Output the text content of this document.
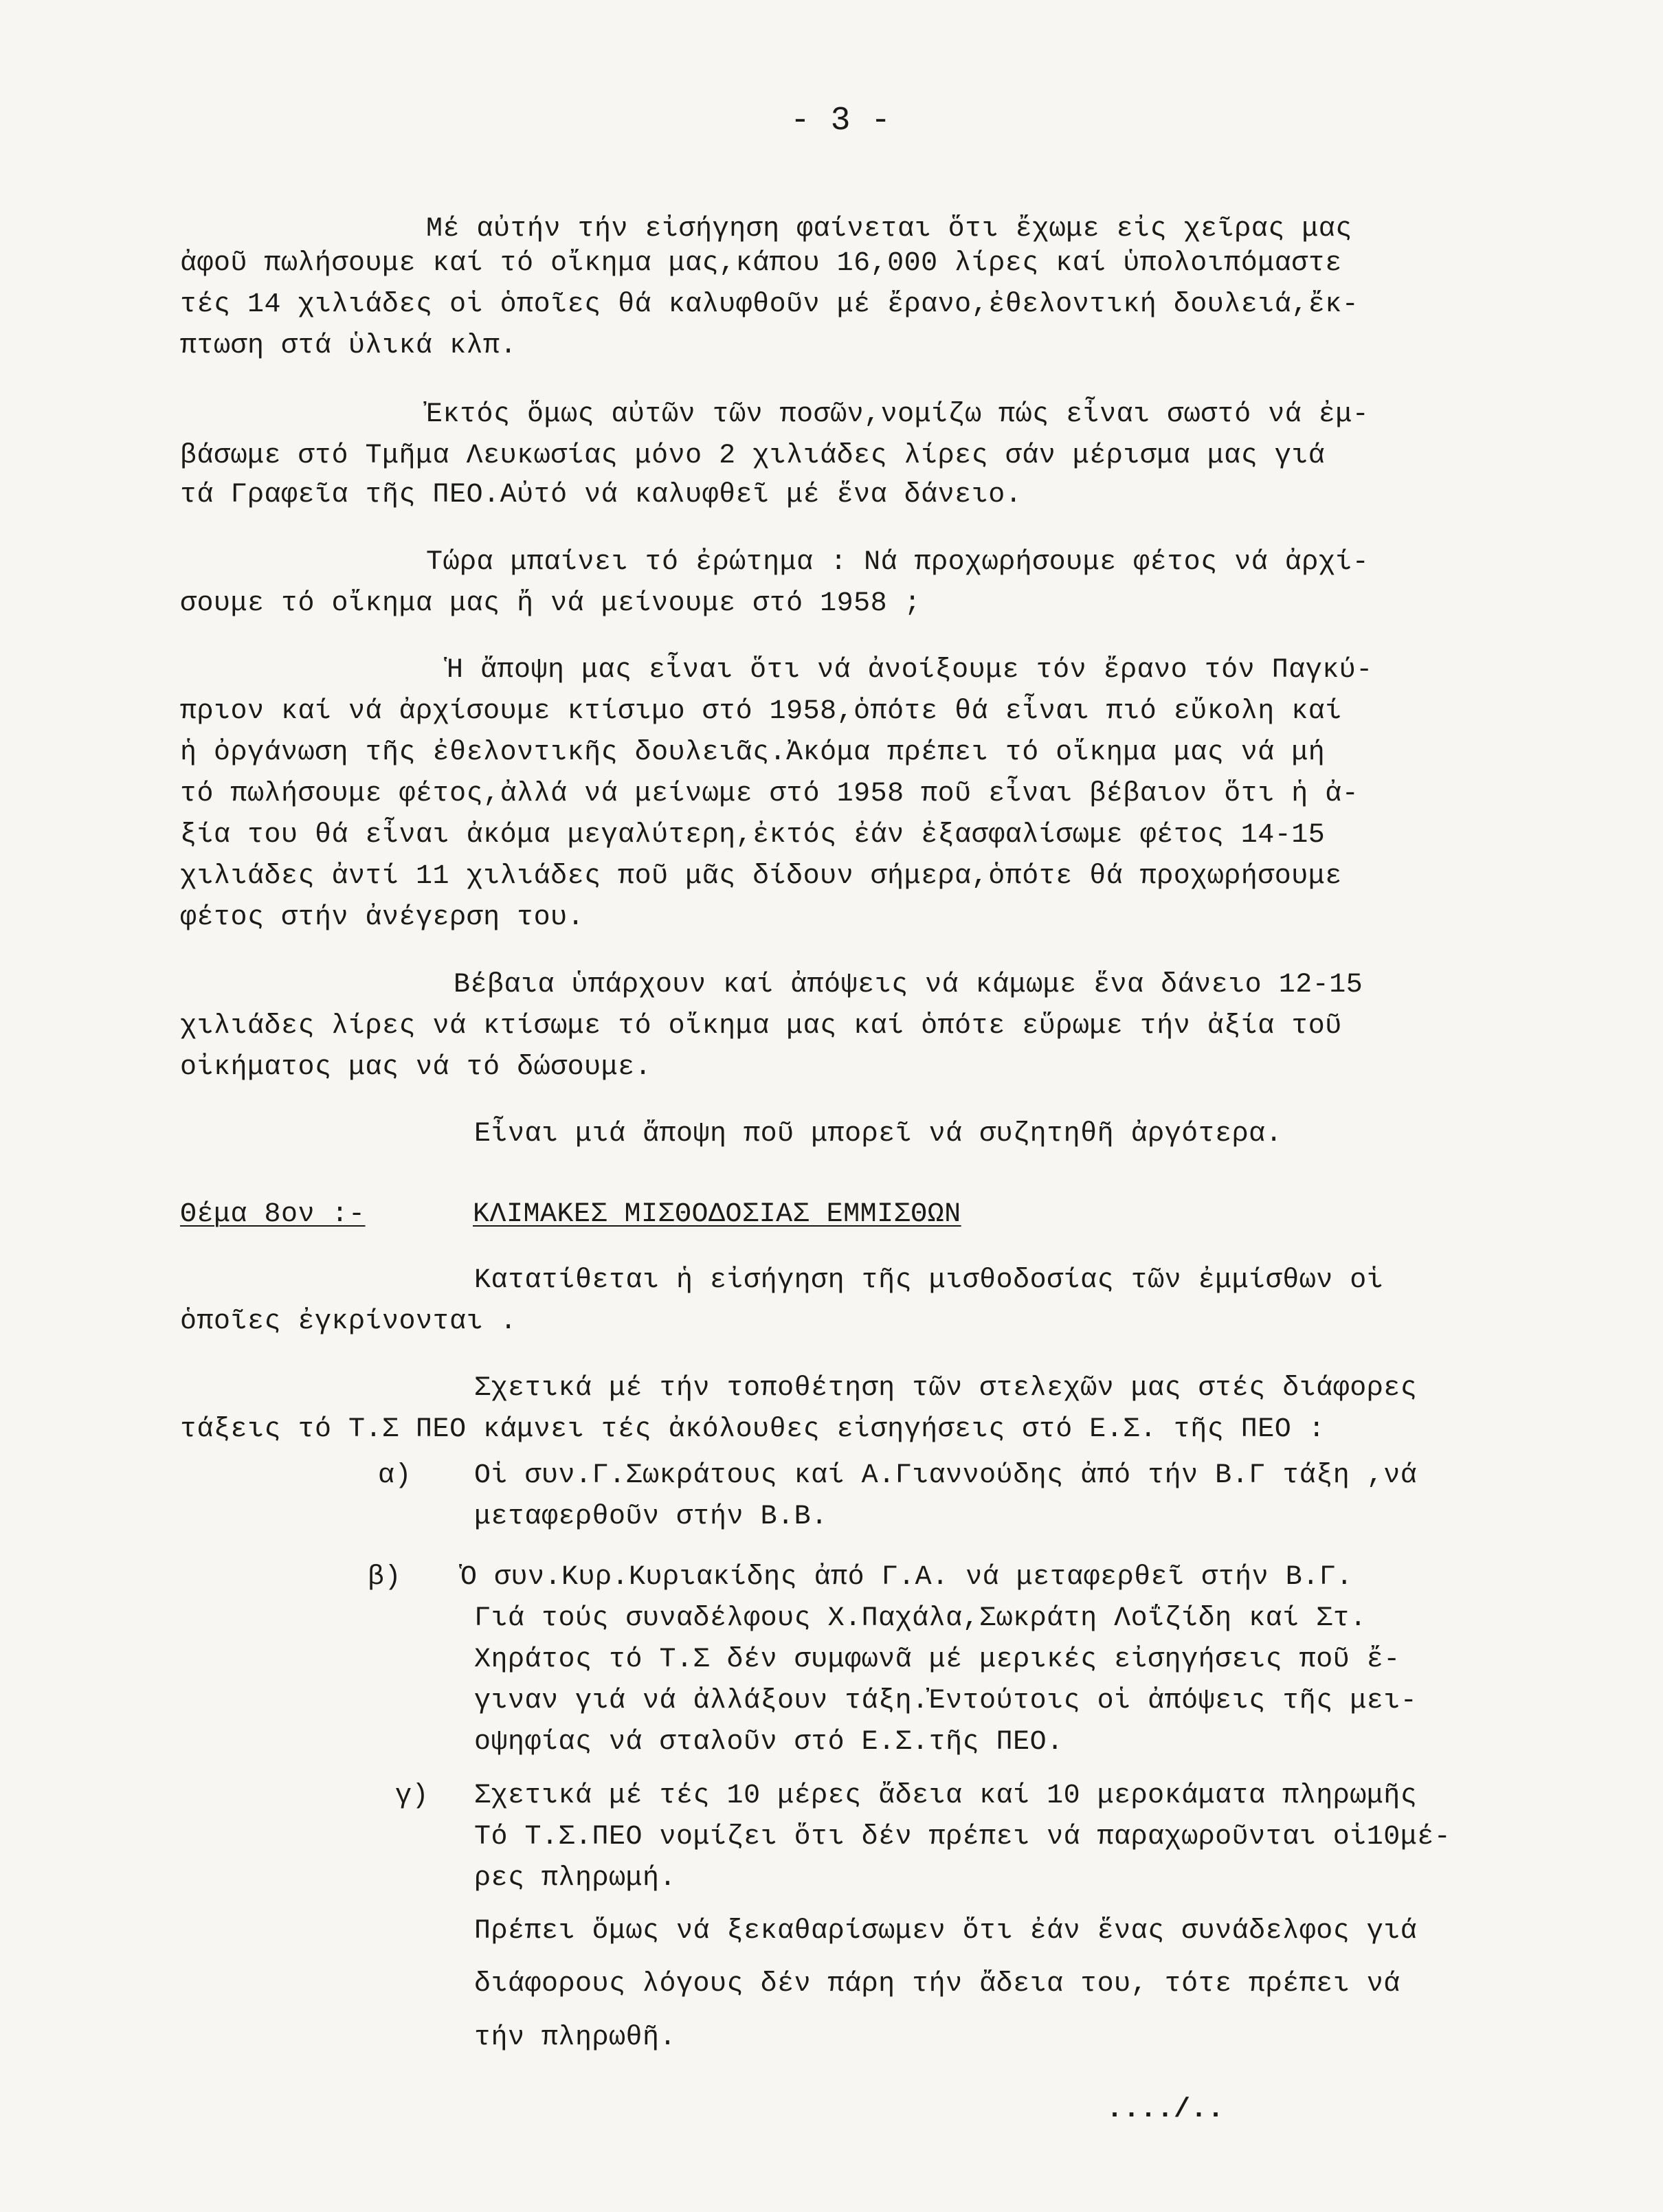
- 3 -
Μέ αὐτήν τήν εἰσήγηση φαίνεται ὅτι ἔχωμε εἰς χεῖρας μας
ἀφοῦ πωλήσουμε καί τό οἴκημα μας,κάπου 16,000 λίρες καί ὑπολοιπόμαστε
τές 14 χιλιάδες οἱ ὁποῖες θά καλυφθοῦν μέ ἔρανο,ἐθελοντική δουλειά,ἔκ-
πτωση στά ὑλικά κλπ.
Ἐκτός ὅμως αὐτῶν τῶν ποσῶν,νομίζω πώς εἶναι σωστό νά ἐμ-
βάσωμε στό Τμῆμα Λευκωσίας μόνο 2 χιλιάδες λίρες σάν μέρισμα μας γιά
τά Γραφεῖα τῆς ΠΕΟ.Αὐτό νά καλυφθεῖ μέ ἕνα δάνειο.
Τώρα μπαίνει τό ἐρώτημα : Νά προχωρήσουμε φέτος νά ἀρχί-
σουμε τό οἴκημα μας ἤ νά μείνουμε στό 1958 ;
Ἡ ἄποψη μας εἶναι ὅτι νά ἀνοίξουμε τόν ἔρανο τόν Παγκύ-
πριον καί νά ἀρχίσουμε κτίσιμο στό 1958,ὁπότε θά εἶναι πιό εὔκολη καί
ἡ ὀργάνωση τῆς ἐθελοντικῆς δουλειᾶς.Ἀκόμα πρέπει τό οἴκημα μας νά μή
τό πωλήσουμε φέτος,ἀλλά νά μείνωμε στό 1958 ποῦ εἶναι βέβαιον ὅτι ἡ ἀ-
ξία του θά εἶναι ἀκόμα μεγαλύτερη,ἐκτός ἐάν ἐξασφαλίσωμε φέτος 14-15
χιλιάδες ἀντί 11 χιλιάδες ποῦ μᾶς δίδουν σήμερα,ὁπότε θά προχωρήσουμε
φέτος στήν ἀνέγερση του.
Βέβαια ὑπάρχουν καί ἀπόψεις νά κάμωμε ἕνα δάνειο 12-15
χιλιάδες λίρες νά κτίσωμε τό οἴκημα μας καί ὁπότε εὕρωμε τήν ἀξία τοῦ
οἰκήματος μας νά τό δώσουμε.
Εἶναι μιά ἄποψη ποῦ μπορεῖ νά συζητηθῆ ἀργότερα.
Θέμα 8ον :-	ΚΛΙΜΑΚΕΣ ΜΙΣΘΟΔΟΣΙΑΣ ΕΜΜΙΣΘΩΝ
Κατατίθεται ἡ εἰσήγηση τῆς μισθοδοσίας τῶν ἐμμίσθων οἱ
ὁποῖες ἐγκρίνονται .
Σχετικά μέ τήν τοποθέτηση τῶν στελεχῶν μας στές διάφορες
τάξεις τό Τ.Σ ΠΕΟ κάμνει τές ἀκόλουθες εἰσηγήσεις στό Ε.Σ. τῆς ΠΕΟ :
α) Οἱ συν.Γ.Σωκράτους καί Α.Γιαννούδης ἀπό τήν Β.Γ τάξη ,νά
μεταφερθοῦν στήν Β.Β.
β) Ὁ συν.Κυρ.Κυριακίδης ἀπό Γ.Α. νά μεταφερθεῖ στήν Β.Γ.
Γιά τούς συναδέλφους Χ.Παχάλα,Σωκράτη Λοΐζίδη καί Στ.
Χηράτος τό Τ.Σ δέν συμφωνᾶ μέ μερικές εἰσηγήσεις ποῦ ἔ-
γιναν γιά νά ἀλλάξουν τάξη.Ἐντούτοις οἱ ἀπόψεις τῆς μει-
οψηφίας νά σταλοῦν στό Ε.Σ.τῆς ΠΕΟ.
γ) Σχετικά μέ τές 10 μέρες ἄδεια καί 10 μεροκάματα πληρωμῆς
Τό Τ.Σ.ΠΕΟ νομίζει ὅτι δέν πρέπει νά παραχωροῦνται οἱ10μέ-
ρες πληρωμή.
Πρέπει ὅμως νά ξεκαθαρίσωμεν ὅτι ἐάν ἕνας συνάδελφος γιά
διάφορους λόγους δέν πάρη τήν ἄδεια του, τότε πρέπει νά
τήν πληρωθῆ.
..../..
